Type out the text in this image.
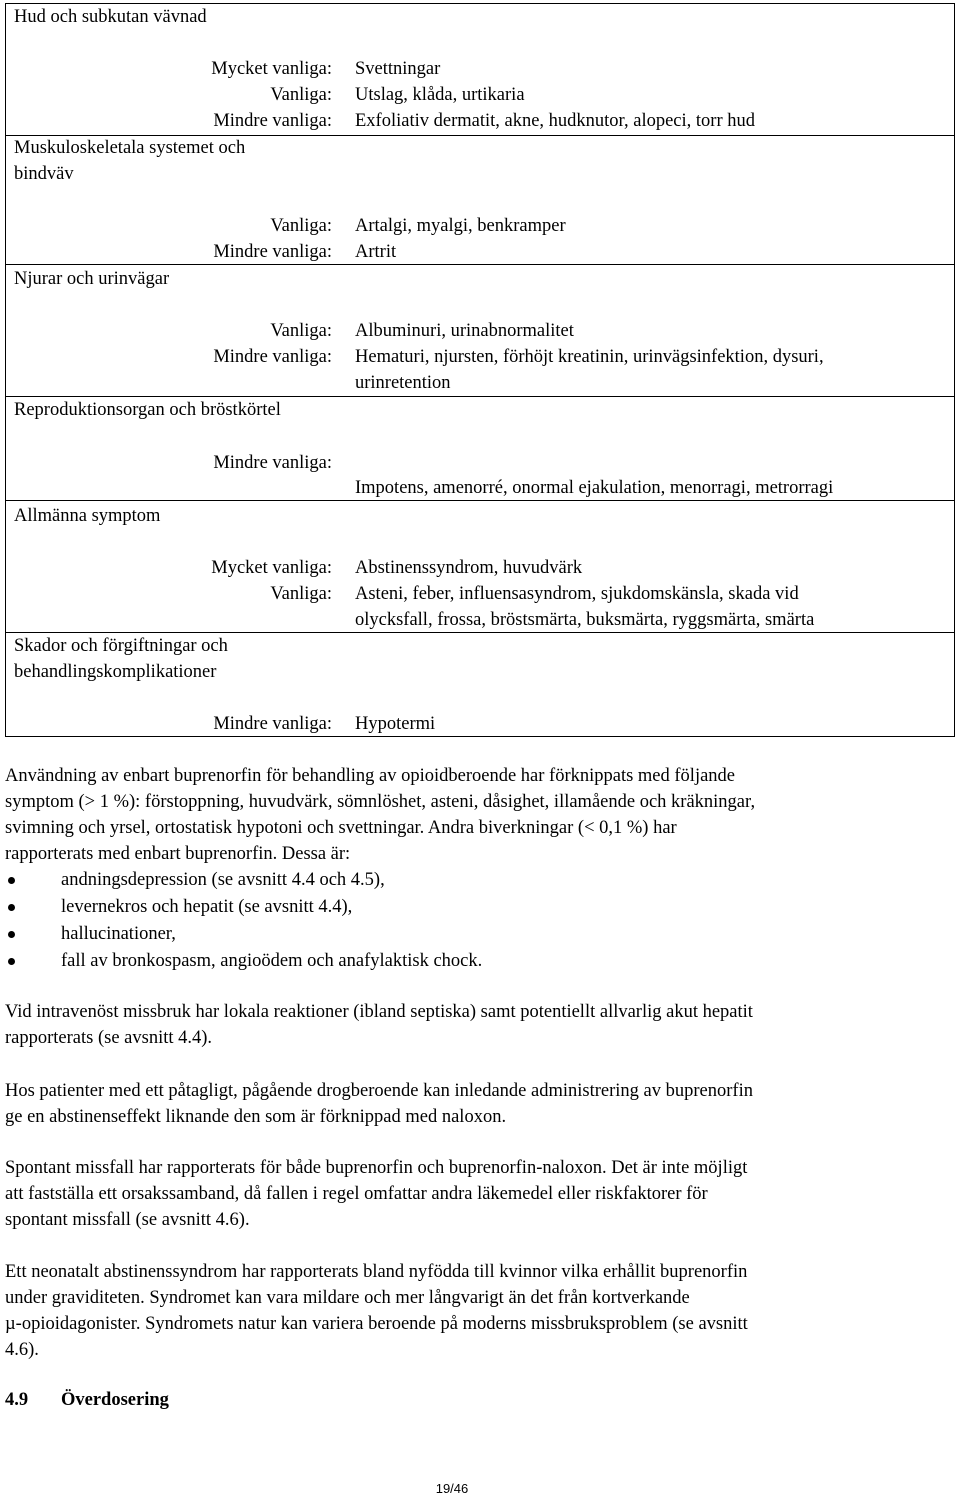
Hud och subkutan vävnad
Mycket vanliga: Svettningar
Vanliga: Utslag, klåda, urtikaria
Mindre vanliga: Exfoliativ dermatit, akne, hudknutor, alopeci, torr hud
Muskuloskeletala systemet och
bindväv
Vanliga: Artalgi, myalgi, benkramper
Mindre vanliga: Artrit
Njurar och urinvägar
Vanliga: Albuminuri, urinabnormalitet
Mindre vanliga: Hematuri, njursten, förhöjt kreatinin, urinvägsinfektion, dysuri,
urinretention
Reproduktionsorgan och bröstkörtel
Mindre vanliga:
Impotens, amenorré, onormal ejakulation, menorragi, metrorragi
Allmänna symptom
Mycket vanliga: Abstinenssyndrom, huvudvärk
Vanliga: Asteni, feber, influensasyndrom, sjukdomskänsla, skada vid
olycksfall, frossa, bröstsmärta, buksmärta, ryggsmärta, smärta
Skador och förgiftningar och
behandlingskomplikationer
Mindre vanliga: Hypotermi
Användning av enbart buprenorfin för behandling av opioidberoende har förknippats med följande
symptom (> 1 %): förstoppning, huvudvärk, sömnlöshet, asteni, dåsighet, illamående och kräkningar,
svimning och yrsel, ortostatisk hypotoni och svettningar. Andra biverkningar (< 0,1 %) har
rapporterats med enbart buprenorfin. Dessa är:
andningsdepression (se avsnitt 4.4 och 4.5),
levernekros och hepatit (se avsnitt 4.4),
hallucinationer,
fall av bronkospasm, angioödem och anafylaktisk chock.
Vid intravenöst missbruk har lokala reaktioner (ibland septiska) samt potentiellt allvarlig akut hepatit
rapporterats (se avsnitt 4.4).
Hos patienter med ett påtagligt, pågående drogberoende kan inledande administrering av buprenorfin
ge en abstinenseffekt liknande den som är förknippad med naloxon.
Spontant missfall har rapporterats för både buprenorfin och buprenorfin-naloxon. Det är inte möjligt
att fastställa ett orsakssamband, då fallen i regel omfattar andra läkemedel eller riskfaktorer för
spontant missfall (se avsnitt 4.6).
Ett neonatalt abstinenssyndrom har rapporterats bland nyfödda till kvinnor vilka erhållit buprenorfin
under graviditeten. Syndromet kan vara mildare och mer långvarigt än det från kortverkande
µ-opioidagonister. Syndromets natur kan variera beroende på moderns missbruksproblem (se avsnitt
4.6).
4.9 Överdosering
19/46
